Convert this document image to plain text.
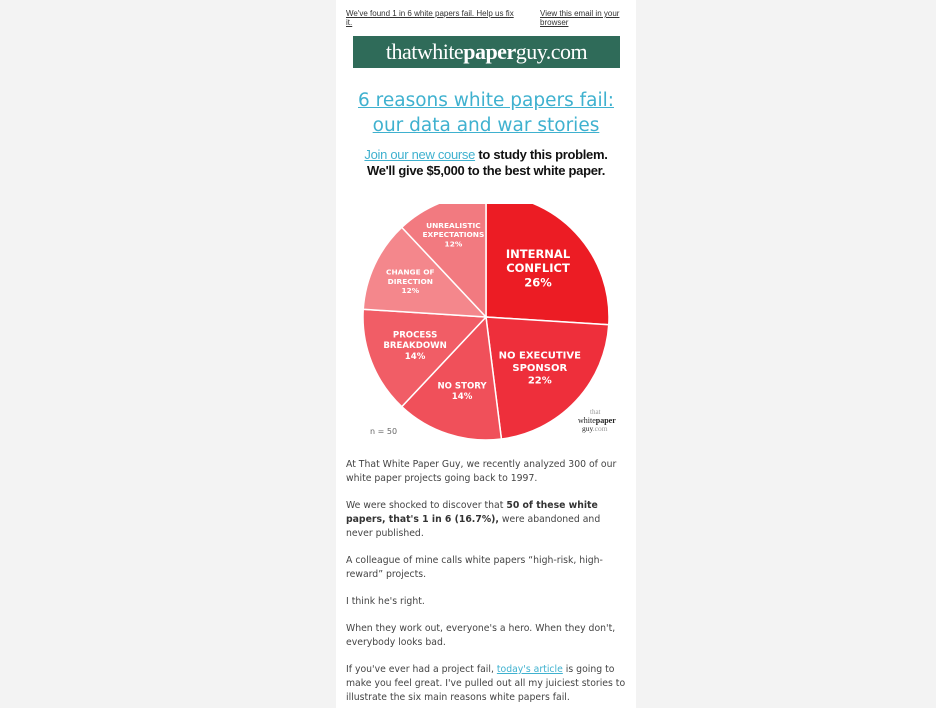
We've found 1 in 6 white papers fail. Help us fix it.
View this email in your browser
thatwhite paper guy.com
6 reasons white papers fail:
our data and war stories
Join our new course to study this problem.
We'll give $5,000 to the best white paper.
INTERNAL CONFLICT 26%
NO EXECUTIVE SPONSOR 22%
NO STORY 14%
PROCESS BREAKDOWN 14%
CHANGE OF DIRECTION 12%
UNREALISTIC EXPECTATIONS 12%
n = 50
that
whitepaper
guy.com

At That White Paper Guy, we recently analyzed 300 of our white paper projects going back to 1997.

We were shocked to discover that 50 of these white papers, that's 1 in 6 (16.7%), were abandoned and never published.

A colleague of mine calls white papers “high-risk, high-reward” projects.

I think he's right.

When they work out, everyone's a hero. When they don't, everybody looks bad.

If you've ever had a project fail, today's article is going to make you feel great. I've pulled out all my juiciest stories to illustrate the six main reasons white papers fail.
